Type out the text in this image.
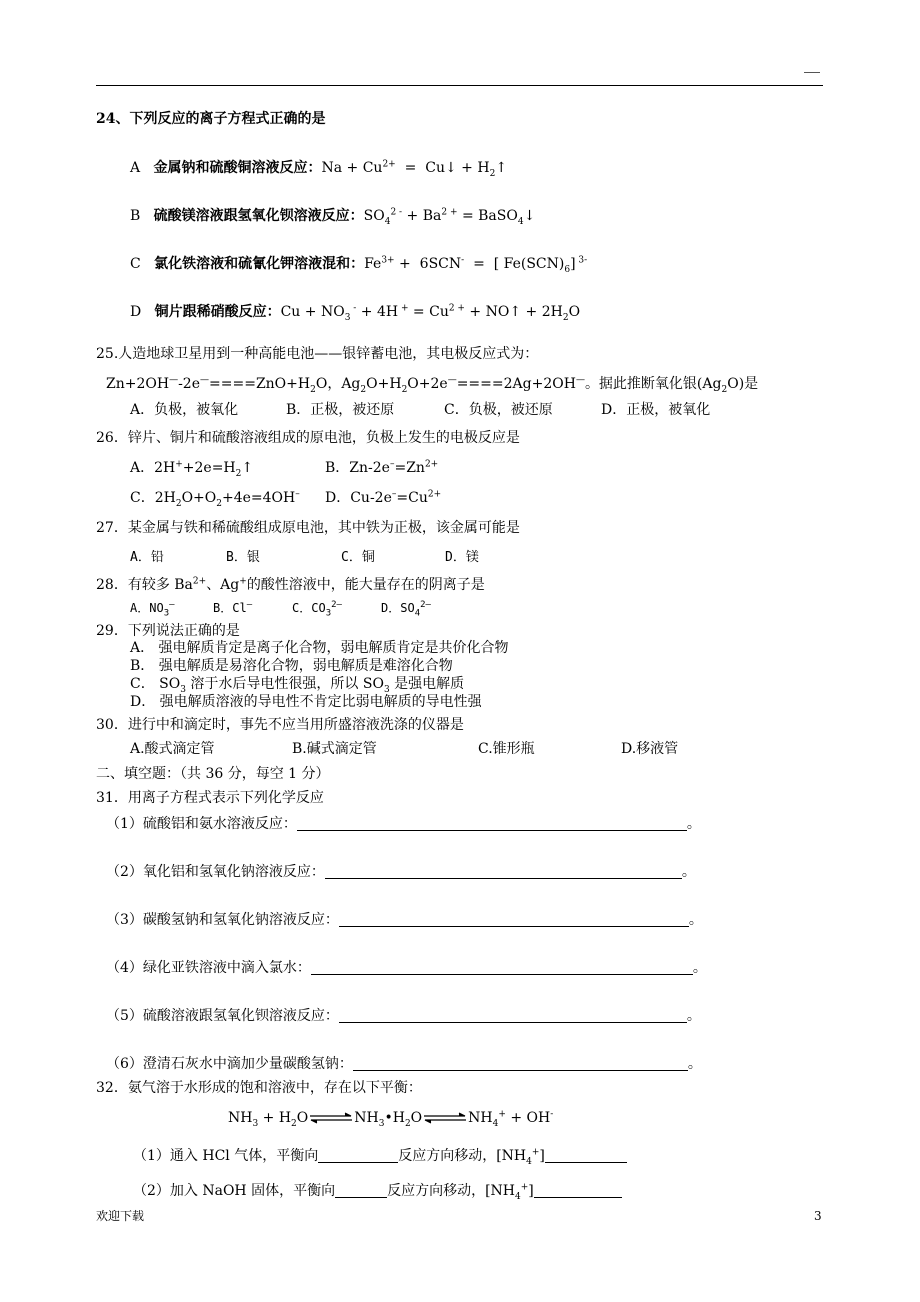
24、下列反应的离子方程式正确的是
A 金属钠和硫酸铜溶液反应：$Na + Cu^{2+}$  =  Cu↓ + $H_2↑$
B 硫酸镁溶液跟氢氧化钡溶液反应：$SO_4^{2 -} + Ba^{2 +}$ = BaSO$_4$↓
C 氯化铁溶液和硫氰化钾溶液混和：$Fe^{3+} + 6SCN^-$  =  [ $Fe(SCN)_6$] $^{3-}$
D 铜片跟稀硝酸反应：$Cu + NO_3$ - + 4H $^+ = Cu^{2 +}$ + NO↑ + $2H_2O$
25.人造地球卫星用到一种高能电池——银锌蓄电池，其电极反应式为：
$Zn+2OH^—-2e^—====ZnO+H_2O$，$Ag_2O+H_2O+2e^—====2Ag+2OH^—$。据此推断氧化银$(Ag_2O)$是
A．负极，被氧化	B．正极，被还原	C．负极，被还原	D．正极，被氧化
26．锌片、铜片和硫酸溶液组成的原电池，负极上发生的电极反应是
A．$2H^++2e=H_2↑$	B．$Zn-2e^-=Zn^{2+}$
C．$2H_2O+O_2+4e=4OH^-$ D．$Cu-2e^-=Cu^{2+}$
27．某金属与铁和稀硫酸组成原电池，其中铁为正极，该金属可能是
A．铅	B．银	C．铜	D．镁
28．有较多 $Ba^{2+}$、Ag+的酸性溶液中，能大量存在的阴离子是
A．$NO_3^-$	B．Cl–	C．$CO_3^{2-}$	D．$SO_4^{2-}$
29．下列说法正确的是
A． 强电解质肯定是离子化合物，弱电解质肯定是共价化合物
B． 强电解质是易溶化合物，弱电解质是难溶化合物
C． $SO_3$ 溶于水后导电性很强，所以 $SO_3$ 是强电解质
D． 强电解质溶液的导电性不肯定比弱电解质的导电性强
30．进行中和滴定时，事先不应当用所盛溶液洗涤的仪器是
A.酸式滴定管	B.碱式滴定管	C.锥形瓶	D.移液管
二、填空题：（共 36 分，每空 1 分）
31．用离子方程式表示下列化学反应
（1）硫酸铝和氨水溶液反应：	。
（2）氧化铝和氢氧化钠溶液反应：	。
（3）碳酸氢钠和氢氧化钠溶液反应：	。
（4）绿化亚铁溶液中滴入氯水：	。
（5）硫酸溶液跟氢氧化钡溶液反应：	。
（6）澄清石灰水中滴加少量碳酸氢钠：	。
32．氨气溶于水形成的饱和溶液中，存在以下平衡：
$NH_3$ + $H_2O\rightleftharpoons NH_3•H_2O\rightleftharpoons NH_4^+ + OH^-$
（1）通入 HCl 气体，平衡向	反应方向移动，$[NH_4^+]$
（2）加入 NaOH 固体，平衡向	反应方向移动，$[NH_4^+]$
欢迎下载	3
